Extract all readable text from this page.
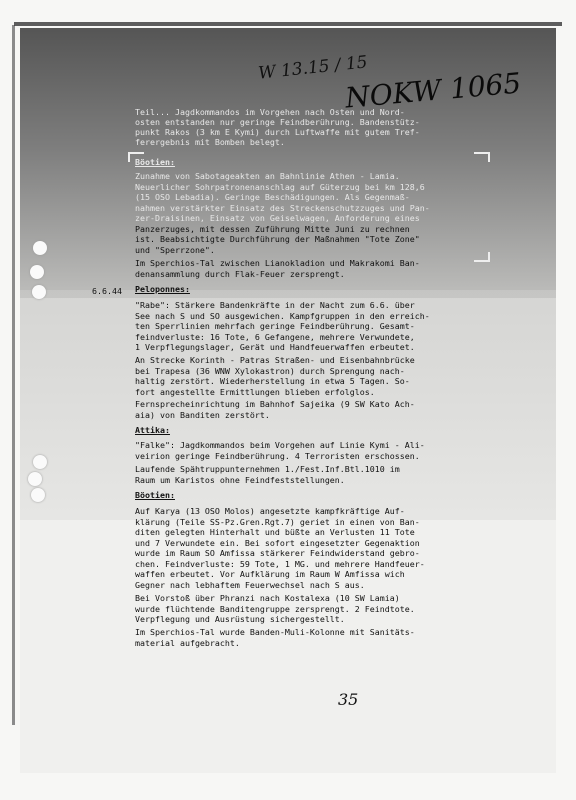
W 13.15 / 15
NOKW 1065
35
Teil... Jagdkommandos im Vorgehen nach Osten und Nord-
osten entstanden nur geringe Feindberührung. Bandenstütz-
punkt Rakos (3 km E Kymi) durch Luftwaffe mit gutem Tref-
ferergebnis mit Bomben belegt.
Böotien:
Zunahme von Sabotageakten an Bahnlinie Athen - Lamia.
Neuerlicher Sohrpatronenanschlag auf Güterzug bei km 128,6
(15 OSO Lebadia). Geringe Beschädigungen. Als Gegenmaß-
nahmen verstärkter Einsatz des Streckenschutzzuges und Pan-
zer-Draisinen, Einsatz von Geiselwagen, Anforderung eines
Panzerzuges, mit dessen Zuführung Mitte Juni zu rechnen
ist. Beabsichtigte Durchführung der Maßnahmen "Tote Zone"
und "Sperrzone".
Im Sperchios-Tal zwischen Lianokladion und Makrakomi Ban-
denansammlung durch Flak-Feuer zersprengt.
Peloponnes:
6.6.44
"Rabe": Stärkere Bandenkräfte in der Nacht zum 6.6. über
See nach S und SO ausgewichen. Kampfgruppen in den erreich-
ten Sperrlinien mehrfach geringe Feindberührung. Gesamt-
feindverluste: 16 Tote, 6 Gefangene, mehrere Verwundete,
1 Verpflegungslager, Gerät und Handfeuerwaffen erbeutet.
An Strecke Korinth - Patras Straßen- und Eisenbahnbrücke
bei Trapesa (36 WNW Xylokastron) durch Sprengung nach-
haltig zerstört. Wiederherstellung in etwa 5 Tagen. So-
fort angestellte Ermittlungen blieben erfolglos.
Fernsprecheinrichtung im Bahnhof Sajeika (9 SW Kato Ach-
aia) von Banditen zerstört.
Attika:
"Falke": Jagdkommandos beim Vorgehen auf Linie Kymi - Ali-
veirion geringe Feindberührung. 4 Terroristen erschossen.
Laufende Spähtruppunternehmen 1./Fest.Inf.Btl.1010 im
Raum um Karistos ohne Feindfeststellungen.
Böotien:
Auf Karya (13 OSO Molos) angesetzte kampfkräftige Auf-
klärung (Teile SS-Pz.Gren.Rgt.7) geriet in einen von Ban-
diten gelegten Hinterhalt und büßte an Verlusten 11 Tote
und 7 Verwundete ein. Bei sofort eingesetzter Gegenaktion
wurde im Raum SO Amfissa stärkerer Feindwiderstand gebro-
chen. Feindverluste: 59 Tote, 1 MG. und mehrere Handfeuer-
waffen erbeutet. Vor Aufklärung im Raum W Amfissa wich
Gegner nach lebhaftem Feuerwechsel nach S aus.
Bei Vorstoß über Phranzi nach Kostalexa (10 SW Lamia)
wurde flüchtende Banditengruppe zersprengt. 2 Feindtote.
Verpflegung und Ausrüstung sichergestellt.
Im Sperchios-Tal wurde Banden-Muli-Kolonne mit Sanitäts-
material aufgebracht.
